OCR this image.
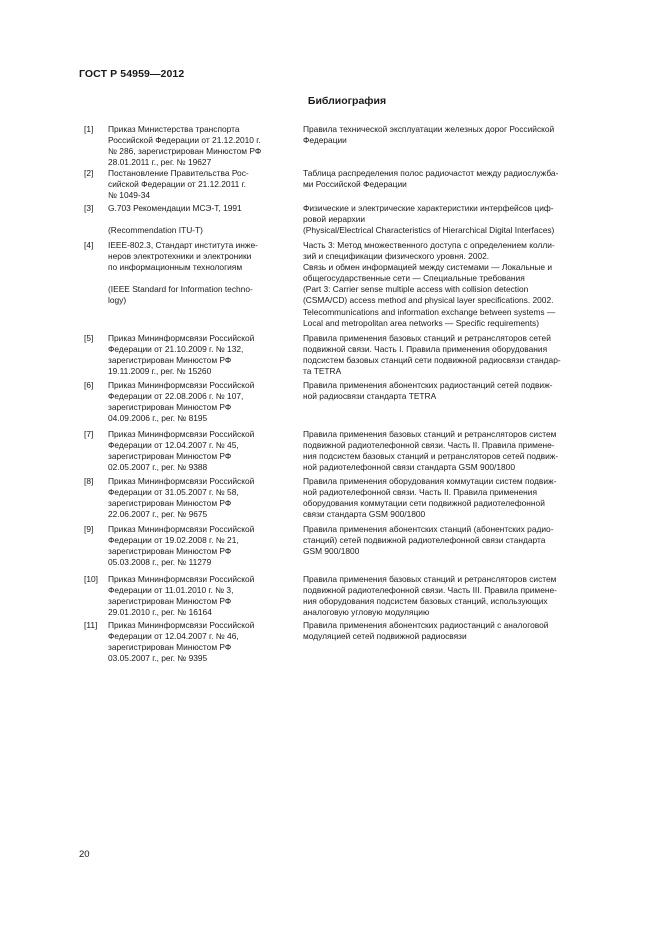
ГОСТ Р 54959—2012
Библиография
[1] Приказ Министерства транспорта
Российской Федерации от 21.12.2010 г.
№ 286, зарегистрирован Минюстом РФ
28.01.2011 г., рег. № 19627
Правила технической эксплуатации железных дорог Российской
Федерации
[2] Постановление Правительства Рос-
сийской Федерации от 21.12.2011 г.
№ 1049-34
Таблица распределения полос радиочастот между радиослужба-
ми Российской Федерации
[3] G.703 Рекомендации МСЭ-Т, 1991

(Recommendation ITU-T)
Физические и электрические характеристики интерфейсов циф-
ровой иерархии
(Physical/Electrical Characteristics of Hierarchical Digital Interfaces)
[4] IEEE-802.3, Стандарт института инже-
неров электротехники и электроники
по информационным технологиям

(IEEE Standard for Information techno-
logy)
Часть 3: Метод множественного доступа с определением колли-
зий и спецификации физического уровня. 2002.
Связь и обмен информацией между системами — Локальные и
общегосударственные сети — Специальные требования
(Part 3: Carrier sense multiple access with collision detection
(CSMA/CD) access method and physical layer specifications. 2002.
Telecommunications and information exchange between systems —
Local and metropolitan area networks — Specific requirements)
[5] Приказ Мининформсвязи Российской
Федерации от 21.10.2009 г. № 132,
зарегистрирован Минюстом РФ
19.11.2009 г., рег. № 15260
Правила применения базовых станций и ретрансляторов сетей
подвижной связи. Часть I. Правила применения оборудования
подсистем базовых станций сети подвижной радиосвязи стандар-
та TETRA
[6] Приказ Мининформсвязи Российской
Федерации от 22.08.2006 г. № 107,
зарегистрирован Минюстом РФ
04.09.2006 г., рег. № 8195
Правила применения абонентских радиостанций сетей подвиж-
ной радиосвязи стандарта TETRA
[7] Приказ Мининформсвязи Российской
Федерации от 12.04.2007 г. № 45,
зарегистрирован Минюстом РФ
02.05.2007 г., рег. № 9388
Правила применения базовых станций и ретрансляторов систем
подвижной радиотелефонной связи. Часть II. Правила примене-
ния подсистем базовых станций и ретрансляторов сетей подвиж-
ной радиотелефонной связи стандарта GSM 900/1800
[8] Приказ Мининформсвязи Российской
Федерации от 31.05.2007 г. № 58,
зарегистрирован Минюстом РФ
22.06.2007 г., рег. № 9675
Правила применения оборудования коммутации систем подвиж-
ной радиотелефонной связи. Часть II. Правила применения
оборудования коммутации сети подвижной радиотелефонной
связи стандарта GSM 900/1800
[9] Приказ Мининформсвязи Российской
Федерации от 19.02.2008 г. № 21,
зарегистрирован Минюстом РФ
05.03.2008 г., рег. № 11279
Правила применения абонентских станций (абонентских радио-
станций) сетей подвижной радиотелефонной связи стандарта
GSM 900/1800
[10] Приказ Мининформсвязи Российской
Федерации от 11.01.2010 г. № 3,
зарегистрирован Минюстом РФ
29.01.2010 г., рег. № 16164
Правила применения базовых станций и ретрансляторов систем
подвижной радиотелефонной связи. Часть III. Правила примене-
ния оборудования подсистем базовых станций, использующих
аналоговую угловую модуляцию
[11] Приказ Мининформсвязи Российской
Федерации от 12.04.2007 г. № 46,
зарегистрирован Минюстом РФ
03.05.2007 г., рег. № 9395
Правила применения абонентских радиостанций с аналоговой
модуляцией сетей подвижной радиосвязи
20
